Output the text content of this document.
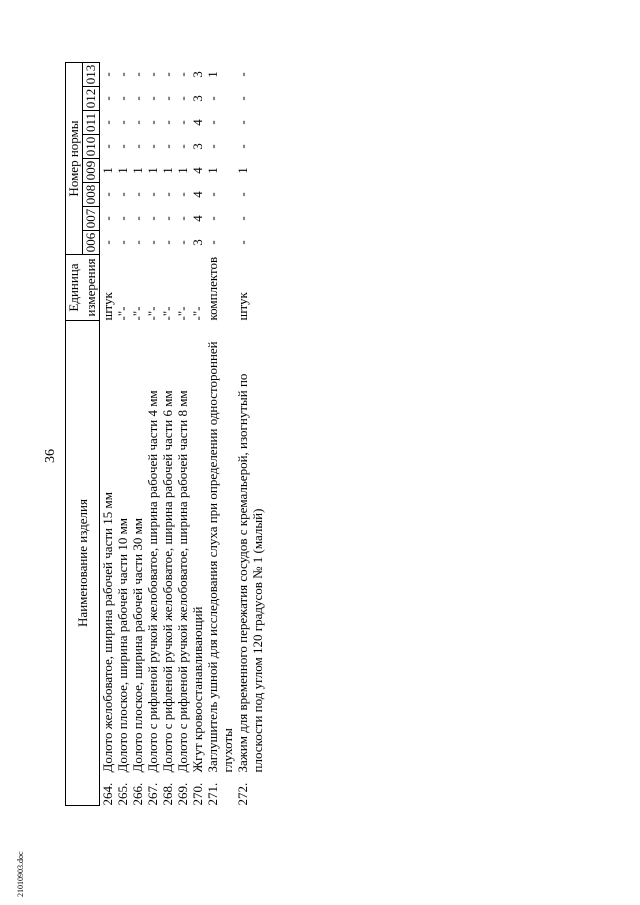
36
Наименование изделия	Единица	Номер нормы							
	измерения	006	007	008	009	010	011	012	013
264.Долото желобоватое, ширина рабочей части 15 мм	штук	-	-	-	1	-	-	-	-
265.Долото плоское, ширина рабочей части 10 мм	-"-	-	-	-	1	-	-	-	-
266.Долото плоское, ширина рабочей части 30 мм	-"-	-	-	-	1	-	-	-	-
267.Долото с рифленой ручкой желобоватое, ширина рабочей части 4 мм	-"-	-	-	-	1	-	-	-	-
268.Долото с рифленой ручкой желобоватое, ширина рабочей части 6 мм	-"-	-	-	-	1	-	-	-	-
269.Долото с рифленой ручкой желобоватое, ширина рабочей части 8 мм	-"-	-	-	-	1	-	-	-	-
270.Жгут кровоостанавливающий	-"-	3	4	4	4	3	4	3	3
271.Заглушитель ушной для исследования слуха при определении односторонней глухоты	комплектов	-	-	-	1	-	-	-	1
272.Зажим для временного пережатия сосудов с кремальерой, изогнутый по плоскости под углом 120 градусов № 1 (малый)	штук	-	-	-	1	-	-	-	-
21010903.doc
